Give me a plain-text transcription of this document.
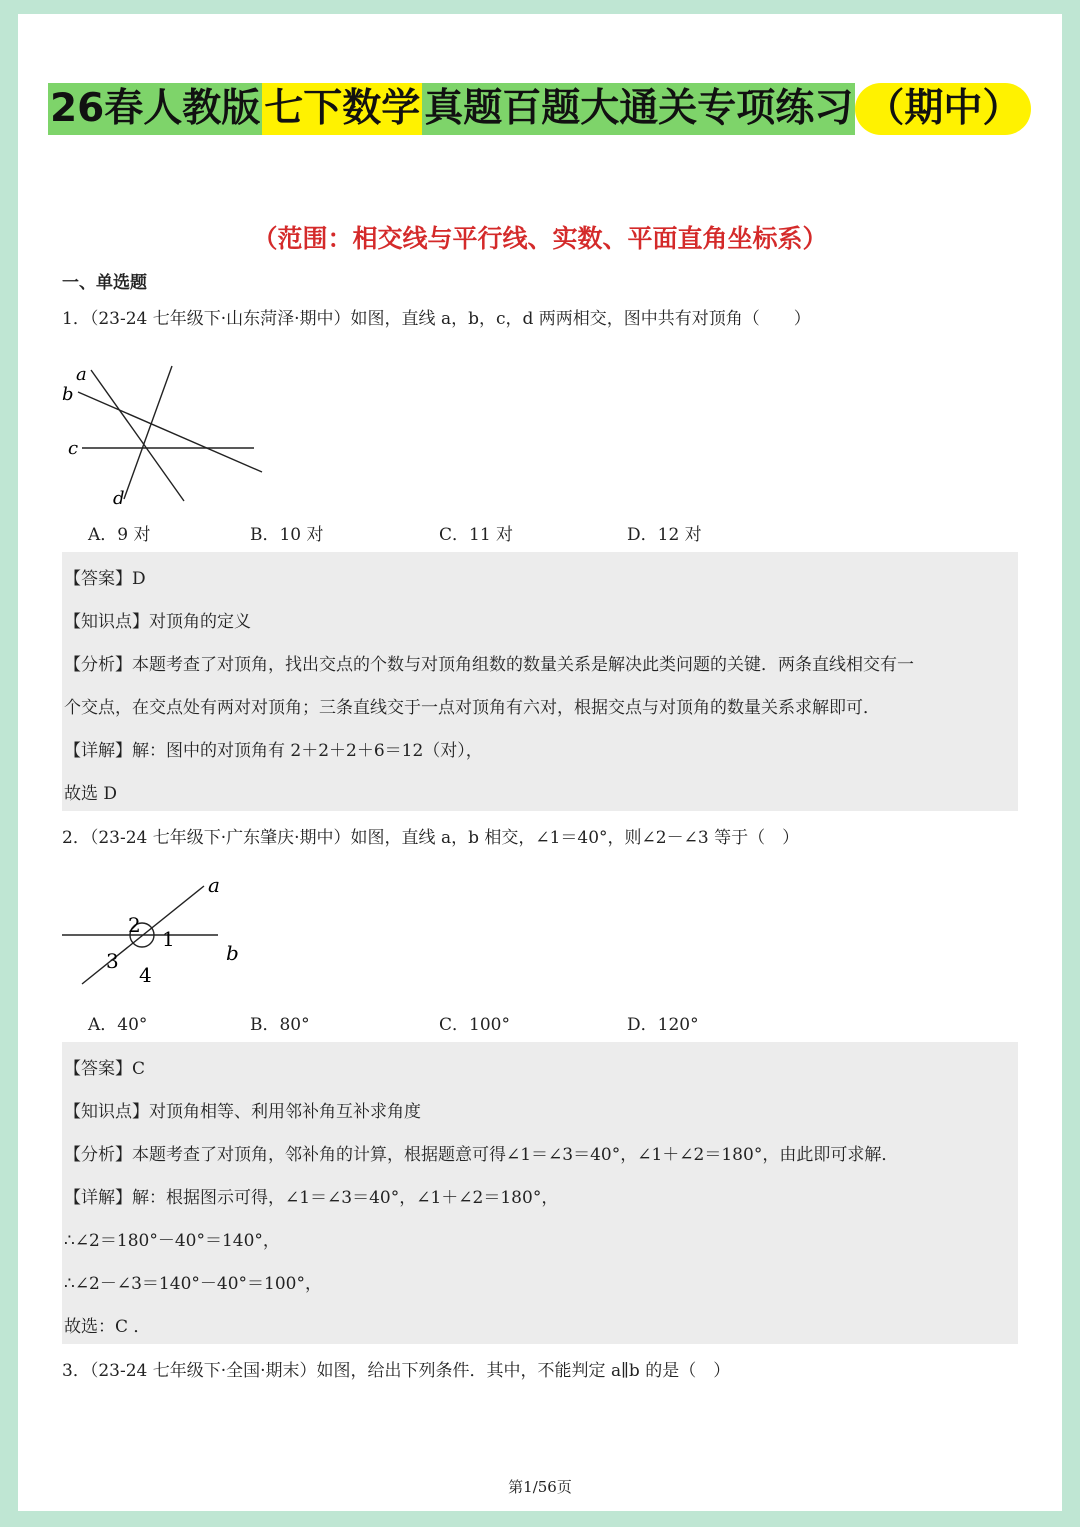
26春人教版 七下数学 真题百题大通关专项练习 （期中）
（范围：相交线与平行线、实数、平面直角坐标系）
一、单选题
1．（23-24 七年级下·山东菏泽·期中）如图，直线 a，b，c，d 两两相交，图中共有对顶角（　　）
a
b
c
d
A．9 对	B．10 对	C．11 对	D．12 对
【答案】D
【知识点】对顶角的定义
【分析】本题考查了对顶角，找出交点的个数与对顶角组数的数量关系是解决此类问题的关键．两条直线相交有一
个交点，在交点处有两对对顶角；三条直线交于一点对顶角有六对，根据交点与对顶角的数量关系求解即可．
【详解】解：图中的对顶角有 2＋2＋2＋6＝12（对），
故选 D
2．（23-24 七年级下·广东肇庆·期中）如图，直线 a，b 相交，∠1＝40°，则∠2－∠3 等于（　）
a
b
1
2
3
4
A．40°	B．80°	C．100°	D．120°
【答案】C
【知识点】对顶角相等、利用邻补角互补求角度
【分析】本题考查了对顶角，邻补角的计算，根据题意可得∠1＝∠3＝40°，∠1＋∠2＝180°，由此即可求解．
【详解】解：根据图示可得，∠1＝∠3＝40°，∠1＋∠2＝180°，
∴∠2＝180°－40°＝140°，
∴∠2－∠3＝140°－40°＝100°，
故选：C ．
3．（23-24 七年级下·全国·期末）如图，给出下列条件．其中，不能判定 a∥b 的是（　）
第1/56页
